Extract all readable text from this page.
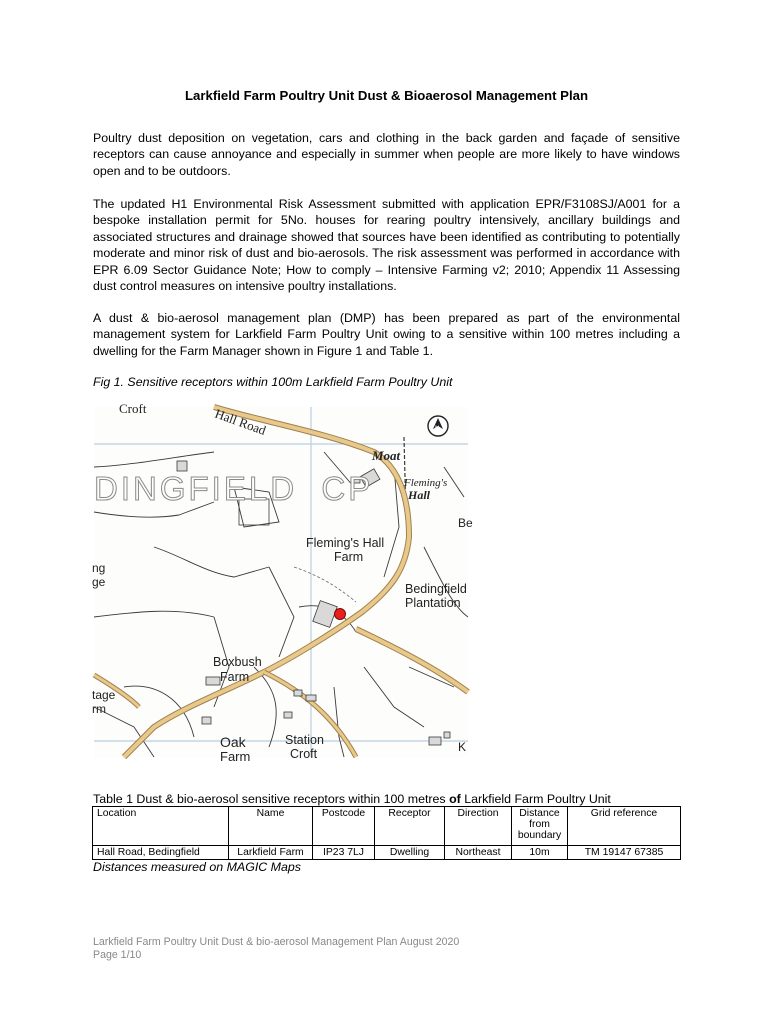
Larkfield Farm Poultry Unit Dust & Bioaerosol Management Plan
Poultry dust deposition on vegetation, cars and clothing in the back garden and façade of sensitive receptors can cause annoyance and especially in summer when people are more likely to have windows open and to be outdoors.
The updated H1 Environmental Risk Assessment submitted with application EPR/F3108SJ/A001 for a bespoke installation permit for 5No. houses for rearing poultry intensively, ancillary buildings and associated structures and drainage showed that sources have been identified as contributing to potentially moderate and minor risk of dust and bio-aerosols. The risk assessment was performed in accordance with EPR 6.09 Sector Guidance Note; How to comply – Intensive Farming v2; 2010; Appendix 11 Assessing dust control measures on intensive poultry installations.
A dust & bio-aerosol management plan (DMP) has been prepared as part of the environmental management system for Larkfield Farm Poultry Unit owing to a sensitive within 100 metres including a dwelling for the Farm Manager shown in Figure 1 and Table 1.
Fig 1. Sensitive receptors within 100m Larkfield Farm Poultry Unit
Croft	Hall Road
Moat
Fleming's
Hall
Be
Fleming's Hall
Farm
ng
ge	Bedingfield
Plantation
Boxbush
Farm
tage
rm
Oak
Farm
Station
Croft	K
N
DINGFIELD  CP
Table 1 Dust & bio-aerosol sensitive receptors within 100 metres of Larkfield Farm Poultry Unit
Location	Name	Postcode	Receptor	Direction	Distance from boundary	Grid reference
Hall Road, Bedingfield	Larkfield Farm	IP23 7LJ	Dwelling	Northeast	10m	TM 19147 67385
Distances measured on MAGIC Maps
Larkfield Farm Poultry Unit Dust & bio-aerosol Management Plan August 2020
Page 1/10
